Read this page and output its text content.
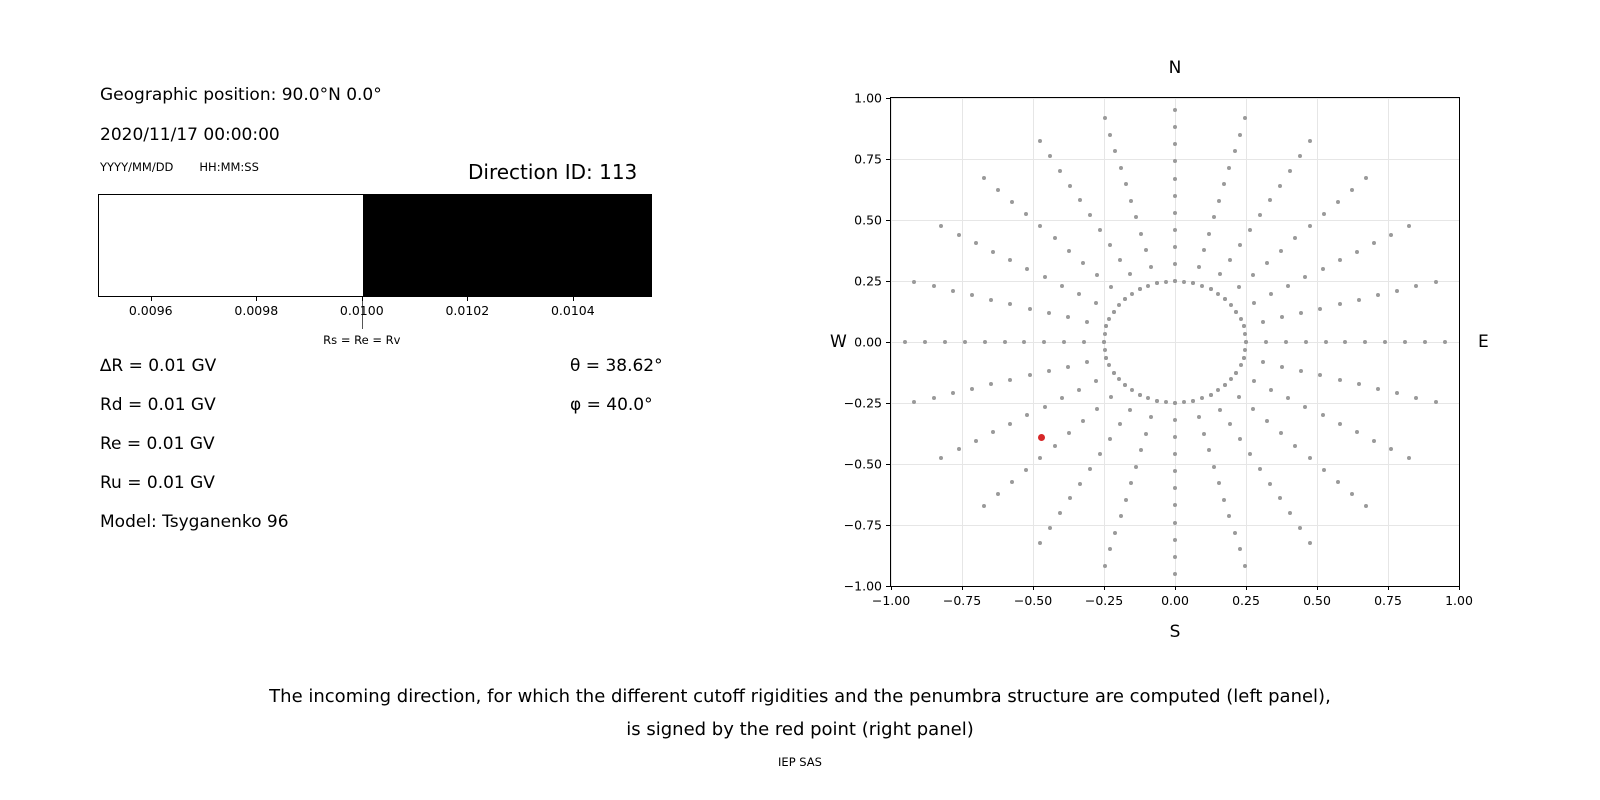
Geographic position: 90.0°N 0.0°
2020/11/17 00:00:00
YYYY/MM/DD HH:MM:SS	Direction ID: 113
Rs = Re = Rv
0.0096	0.0098	0.0100	0.0102	0.0104
∆R = 0.01 GV
Rd = 0.01 GV
Re = 0.01 GV
Ru = 0.01 GV
Model: Tsyganenko 96
θ = 38.62°
φ = 40.0°
N
S
W	E
−1.00	−0.75	−0.50	−0.25	0.00	0.25	0.50	0.75	1.00
−1.00
−0.75
−0.50
−0.25
0.00
0.25
0.50
0.75
1.00
The incoming direction, for which the different cutoff rigidities and the penumbra structure are computed (left panel),
is signed by the red point (right panel)
IEP SAS
